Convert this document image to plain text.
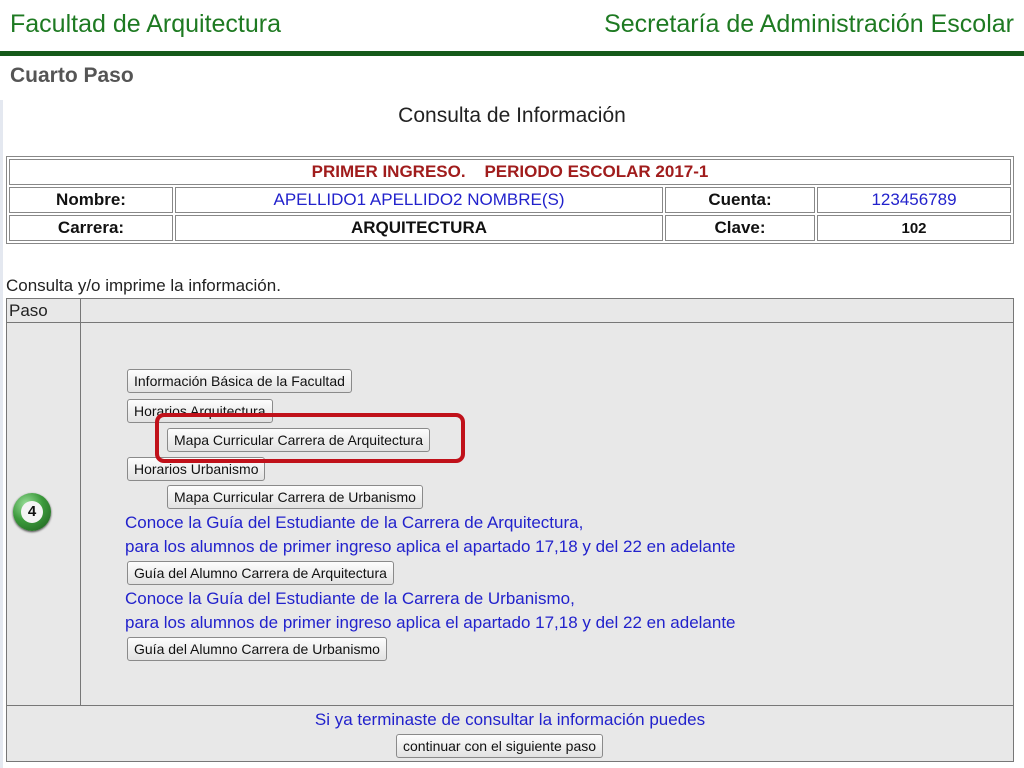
Facultad de Arquitectura	Secretaría de Administración Escolar
Cuarto Paso
Consulta de Información
PRIMER INGRESO.    PERIODO ESCOLAR 2017-1			
Nombre:	APELLIDO1 APELLIDO2 NOMBRE(S)	Cuenta:	123456789
Carrera:	ARQUITECTURA	Clave:	102
Consulta y/o imprime la información.
Paso
4
Información Básica de la Facultad
Horarios Arquitectura
Mapa Curricular Carrera de Arquitectura
Horarios Urbanismo
Mapa Curricular Carrera de Urbanismo
Conoce la Guía del Estudiante de la Carrera de Arquitectura,
para los alumnos de primer ingreso aplica el apartado 17,18 y del 22 en adelante
Guía del Alumno Carrera de Arquitectura
Conoce la Guía del Estudiante de la Carrera de Urbanismo,
para los alumnos de primer ingreso aplica el apartado 17,18 y del 22 en adelante
Guía del Alumno Carrera de Urbanismo
Si ya terminaste de consultar la información puedes
continuar con el siguiente paso
